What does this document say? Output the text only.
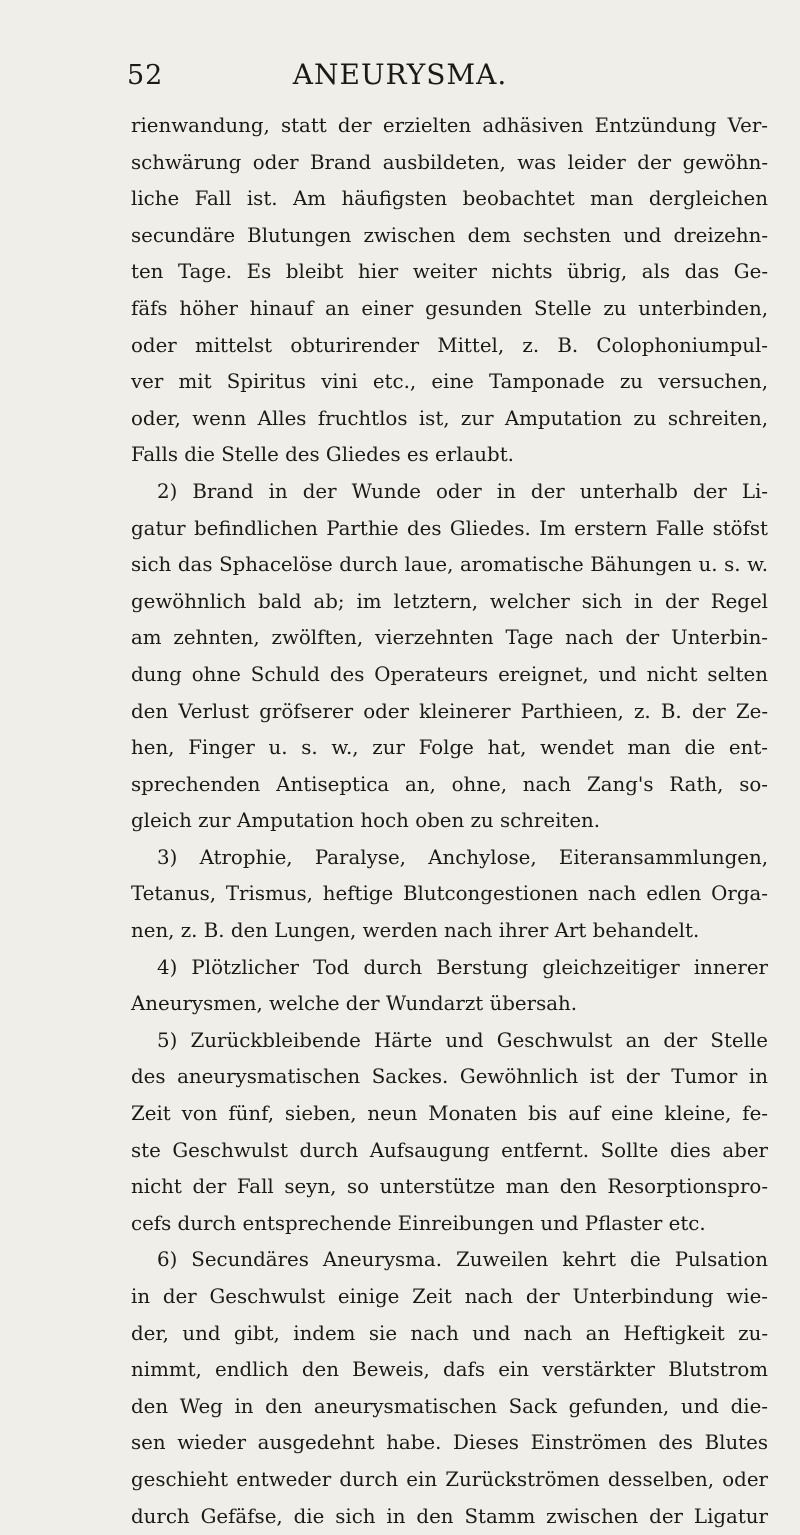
52	ANEURYSMA.
rienwandung, statt der erzielten adhäsiven Entzündung Ver-
schwärung oder Brand ausbildeten, was leider der gewöhn-
liche Fall ist. Am häufigsten beobachtet man dergleichen
secundäre Blutungen zwischen dem sechsten und dreizehn-
ten Tage. Es bleibt hier weiter nichts übrig, als das Ge-
fäfs höher hinauf an einer gesunden Stelle zu unterbinden,
oder mittelst obturirender Mittel, z. B. Colophoniumpul-
ver mit Spiritus vini etc., eine Tamponade zu versuchen,
oder, wenn Alles fruchtlos ist, zur Amputation zu schreiten,
Falls die Stelle des Gliedes es erlaubt.
2) Brand in der Wunde oder in der unterhalb der Li-
gatur befindlichen Parthie des Gliedes. Im erstern Falle stöfst
sich das Sphacelöse durch laue, aromatische Bähungen u. s. w.
gewöhnlich bald ab; im letztern, welcher sich in der Regel
am zehnten, zwölften, vierzehnten Tage nach der Unterbin-
dung ohne Schuld des Operateurs ereignet, und nicht selten
den Verlust gröfserer oder kleinerer Parthieen, z. B. der Ze-
hen, Finger u. s. w., zur Folge hat, wendet man die ent-
sprechenden Antiseptica an, ohne, nach Zang's Rath, so-
gleich zur Amputation hoch oben zu schreiten.
3) Atrophie, Paralyse, Anchylose, Eiteransammlungen,
Tetanus, Trismus, heftige Blutcongestionen nach edlen Orga-
nen, z. B. den Lungen, werden nach ihrer Art behandelt.
4) Plötzlicher Tod durch Berstung gleichzeitiger innerer
Aneurysmen, welche der Wundarzt übersah.
5) Zurückbleibende Härte und Geschwulst an der Stelle
des aneurysmatischen Sackes. Gewöhnlich ist der Tumor in
Zeit von fünf, sieben, neun Monaten bis auf eine kleine, fe-
ste Geschwulst durch Aufsaugung entfernt. Sollte dies aber
nicht der Fall seyn, so unterstütze man den Resorptionspro-
cefs durch entsprechende Einreibungen und Pflaster etc.
6) Secundäres Aneurysma. Zuweilen kehrt die Pulsation
in der Geschwulst einige Zeit nach der Unterbindung wie-
der, und gibt, indem sie nach und nach an Heftigkeit zu-
nimmt, endlich den Beweis, dafs ein verstärkter Blutstrom
den Weg in den aneurysmatischen Sack gefunden, und die-
sen wieder ausgedehnt habe. Dieses Einströmen des Blutes
geschieht entweder durch ein Zurückströmen desselben, oder
durch Gefäfse, die sich in den Stamm zwischen der Ligatur
